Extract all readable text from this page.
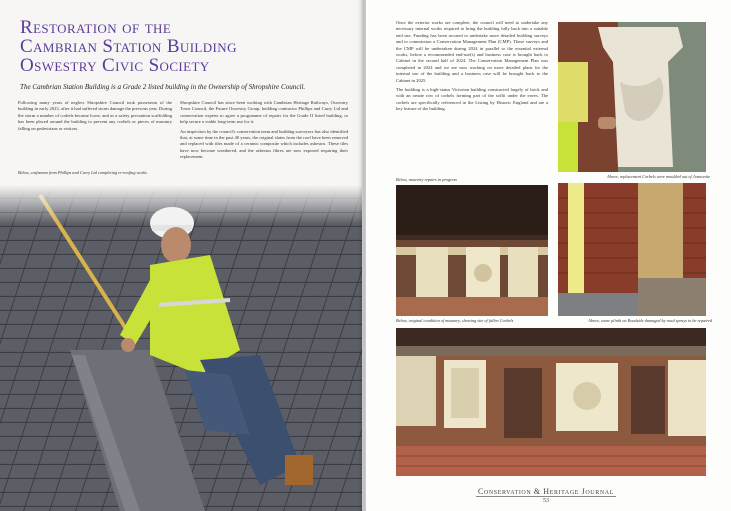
Restoration of the
Cambrian Station Building
Oswestry Civic Society
The Cambrian Station Building is a Grade 2 listed building in the Ownership of Shropshire Council.

Following many years of neglect Shropshire Council took possession of the building in early 2023, after it had suffered storm damage the previous year. During the storm a number of corbels became loose, and as a safety precaution scaffolding has been placed around the building to prevent any corbels or pieces of masonry falling on pedestrians or visitors.

Shropshire Council has since been working with Cambrian Heritage Railways, Oswestry Town Council, the Future Oswestry Group, building contractor Phillips and Curry Ltd and conservation experts to agree a programme of repairs for the Grade II listed building, to help secure a viable long-term use for it.

An inspection by the council's conservation team and building surveyors has also identified that, at some time in the past 40 years, the original slates from the roof have been removed and replaced with tiles made of a ceramic composite which includes asbestos. These tiles have now become weathered, and the asbestos fibres are now exposed requiring their replacement.

Below, craftsman from Phillips and Curry Ltd completing re-roofing works

Once the exterior works are complete, the council will need to undertake any necessary internal works required to bring the building fully back into a suitable end use. Funding has been secured to undertake more detailed building surveys and to commission a Conservation Management Plan (CMP). These surveys and the CMP will be undertaken during 2024 in parallel to the essential external works, before a recommended end-use(s) and business case is brought back to Cabinet in the second half of 2024. The Conservation Management Plan was completed in 2024 and we are now working on more detailed plans for the internal use of the building and a business case will be brought back to the Cabinet in 2025.

The building is a high-status Victorian building constructed largely of brick and with an ornate row of corbels forming part of the soffit under the eaves. The corbels are specifically referenced in the Listing by Historic England and are a key feature of the building.

Below, masonry repairs in progress
Above, replacement Corbels were moulded out of Jesmonite
Below, original condition of masonry, showing site of fallen Corbels	Above, stone plinth on Roadside damaged by road sprays to be repaired
Conservation & Heritage Journal
53
